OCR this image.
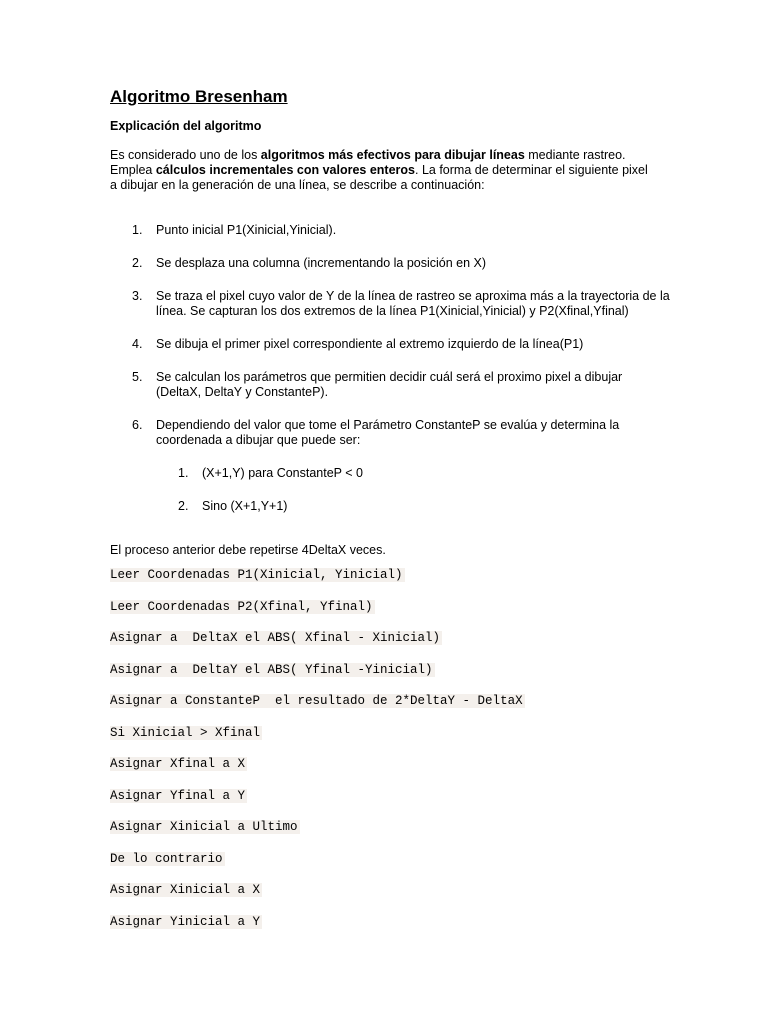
Algoritmo Bresenham
Explicación del algoritmo

Es considerado uno de los algoritmos más efectivos para dibujar líneas mediante rastreo. Emplea cálculos incrementales con valores enteros. La forma de determinar el siguiente pixel a dibujar en la generación de una línea, se describe a continuación:

1. Punto inicial P1(Xinicial,Yinicial).
2. Se desplaza una columna (incrementando la posición en X)
3. Se traza el pixel cuyo valor de Y de la línea de rastreo se aproxima más a la trayectoria de la línea. Se capturan los dos extremos de la línea P1(Xinicial,Yinicial) y P2(Xfinal,Yfinal)
4. Se dibuja el primer pixel correspondiente al extremo izquierdo de la línea(P1)
5. Se calculan los parámetros que permitien decidir cuál será el proximo pixel a dibujar (DeltaX, DeltaY y ConstanteP).
6. Dependiendo del valor que tome el Parámetro ConstanteP se evalúa y determina la coordenada a dibujar que puede ser:
1. (X+1,Y) para ConstanteP < 0
2. Sino (X+1,Y+1)
El proceso anterior debe repetirse 4DeltaX veces.
Leer Coordenadas P1(Xinicial, Yinicial)
Leer Coordenadas P2(Xfinal, Yfinal)
Asignar a  DeltaX el ABS( Xfinal - Xinicial)
Asignar a  DeltaY el ABS( Yfinal -Yinicial)
Asignar a ConstanteP  el resultado de 2*DeltaY - DeltaX
Si Xinicial > Xfinal
Asignar Xfinal a X
Asignar Yfinal a Y
Asignar Xinicial a Ultimo
De lo contrario
Asignar Xinicial a X
Asignar Yinicial a Y
